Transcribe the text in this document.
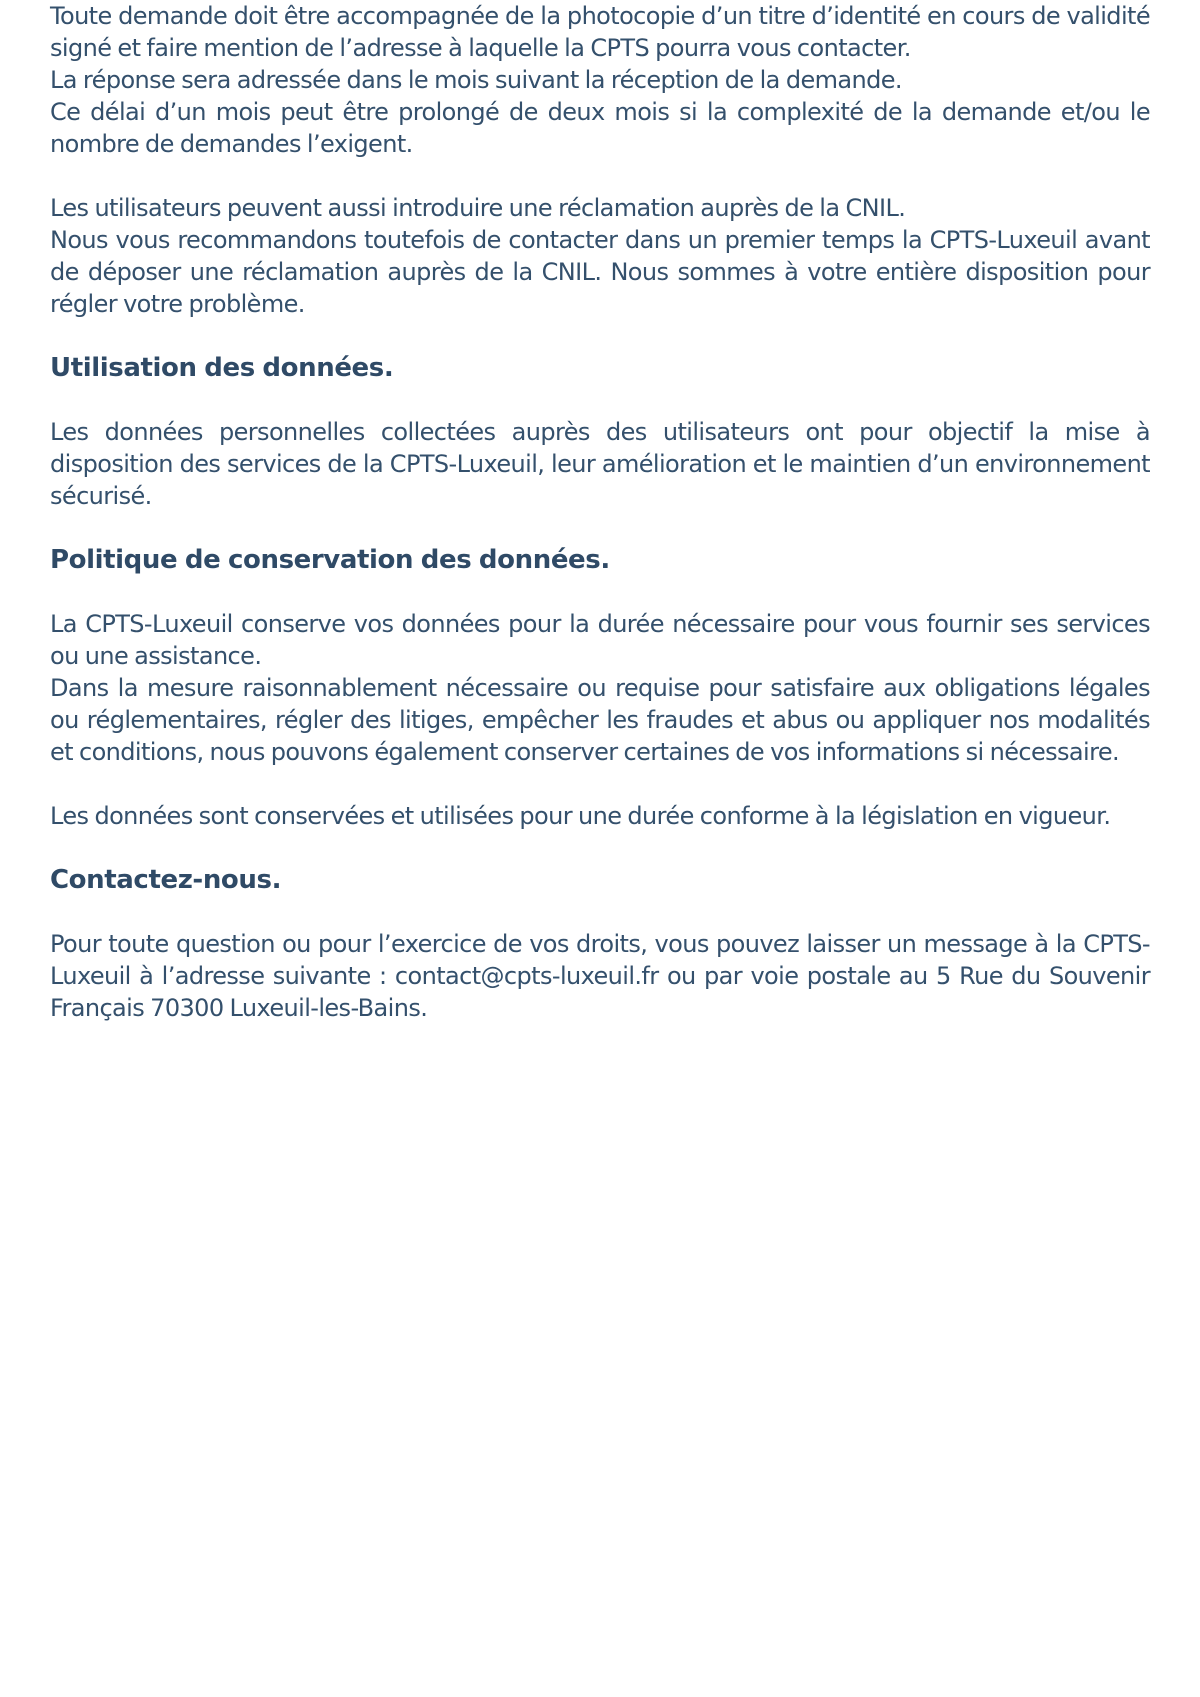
Toute demande doit être accompagnée de la photocopie d’un titre d’identité en cours de validité signé et faire mention de l’adresse à laquelle la CPTS pourra vous contacter.
La réponse sera adressée dans le mois suivant la réception de la demande.
Ce délai d’un mois peut être prolongé de deux mois si la complexité de la demande et/ou le nombre de demandes l’exigent.
Les utilisateurs peuvent aussi introduire une réclamation auprès de la CNIL.
Nous vous recommandons toutefois de contacter dans un premier temps la CPTS-Luxeuil avant de déposer une réclamation auprès de la CNIL. Nous sommes à votre entière disposition pour régler votre problème.
Utilisation des données.
Les données personnelles collectées auprès des utilisateurs ont pour objectif la mise à disposition des services de la CPTS-Luxeuil, leur amélioration et le maintien d’un environnement sécurisé.
Politique de conservation des données.
La CPTS-Luxeuil conserve vos données pour la durée nécessaire pour vous fournir ses services ou une assistance.
Dans la mesure raisonnablement nécessaire ou requise pour satisfaire aux obligations légales ou réglementaires, régler des litiges, empêcher les fraudes et abus ou appliquer nos modalités et conditions, nous pouvons également conserver certaines de vos informations si nécessaire.
Les données sont conservées et utilisées pour une durée conforme à la législation en vigueur.
Contactez-nous.
Pour toute question ou pour l’exercice de vos droits, vous pouvez laisser un message à la CPTS-Luxeuil à l’adresse suivante : contact@cpts-luxeuil.fr ou par voie postale au 5 Rue du Souvenir Français 70300 Luxeuil-les-Bains.
